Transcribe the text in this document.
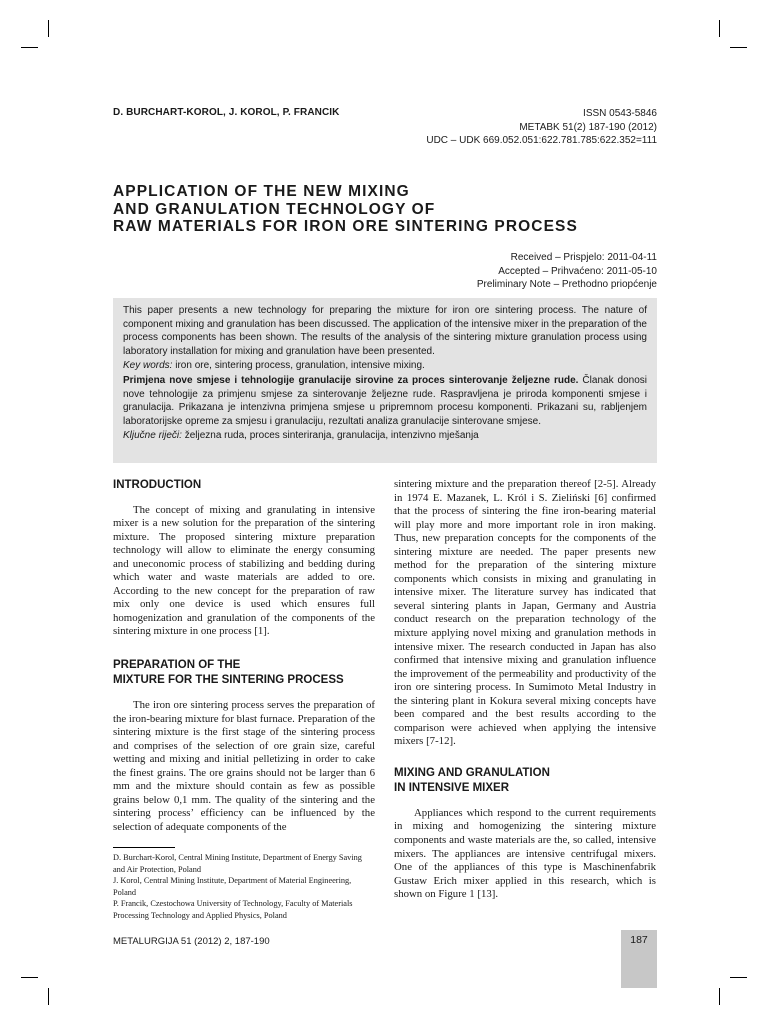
D. BURCHART-KOROL, J. KOROL, P. FRANCIK	ISSN 0543-5846
METABK 51(2) 187-190 (2012)
UDC – UDK 669.052.051:622.781.785:622.352=111
APPLICATION OF THE NEW MIXING
AND GRANULATION TECHNOLOGY OF
RAW MATERIALS FOR IRON ORE SINTERING PROCESS
Received – Prispjelo: 2011-04-11
Accepted – Prihvaćeno: 2011-05-10
Preliminary Note – Prethodno priopćenje

This paper presents a new technology for preparing the mixture for iron ore sintering process. The nature of component mixing and granulation has been discussed. The application of the intensive mixer in the preparation of the process components has been shown. The results of the analysis of the sintering mixture granulation process using laboratory installation for mixing and granulation have been presented.

Key words: iron ore, sintering process, granulation, intensive mixing.

Primjena nove smjese i tehnologije granulacije sirovine za proces sinterovanje željezne rude. Članak donosi nove tehnologije za primjenu smjese za sinterovanje željezne rude. Raspravljena je priroda komponenti smjese i granulacija. Prikazana je intenzivna primjena smjese u pripremnom procesu komponenti. Prikazani su, rabljenjem laboratorijske opreme za smjesu i granulaciju, rezultati analiza granulacije sinterovane smjese.

Ključne riječi: željezna ruda, proces sinteriranja, granulacija, intenzivno mješanja

INTRODUCTION

The concept of mixing and granulating in intensive mixer is a new solution for the preparation of the sintering mixture. The proposed sintering mixture preparation technology will allow to eliminate the energy consuming and uneconomic process of stabilizing and bedding during which water and waste materials are added to ore. According to the new concept for the preparation of raw mix only one device is used which ensures full homogenization and granulation of the components of the sintering mixture in one process [1].

PREPARATION OF THE
MIXTURE FOR THE SINTERING PROCESS

The iron ore sintering process serves the preparation of the iron-bearing mixture for blast furnace. Preparation of the sintering mixture is the first stage of the sintering process and comprises of the selection of ore grain size, careful wetting and mixing and initial pelletizing in order to cake the finest grains. The ore grains should not be larger than 6 mm and the mixture should contain as few as possible grains below 0,1 mm. The quality of the sintering and the sintering process’ efficiency can be influenced by the selection of adequate components of the

sintering mixture and the preparation thereof [2-5]. Already in 1974 E. Mazanek, L. Król i S. Zieliński [6] confirmed that the process of sintering the fine iron-bearing material will play more and more important role in iron making. Thus, new preparation concepts for the components of the sintering mixture are needed. The paper presents new method for the preparation of the sintering mixture components which consists in mixing and granulating in intensive mixer. The literature survey has indicated that several sintering plants in Japan, Germany and Austria conduct research on the preparation technology of the mixture applying novel mixing and granulation methods in intensive mixer. The research conducted in Japan has also confirmed that intensive mixing and granulation influence the improvement of the permeability and productivity of the iron ore sintering process. In Sumimoto Metal Industry in the sintering plant in Kokura several mixing concepts have been compared and the best results according to the comparison were achieved when applying the intensive mixers [7-12].

MIXING AND GRANULATION
IN INTENSIVE MIXER

Appliances which respond to the current requirements in mixing and homogenizing the sintering mixture components and waste materials are the, so called, intensive mixers. The appliances are intensive centrifugal mixers. One of the appliances of this type is Maschinenfabrik Gustaw Erich mixer applied in this research, which is shown on Figure 1 [13].

D. Burchart-Korol, Central Mining Institute, Department of Energy Saving and Air Protection, Poland

J. Korol, Central Mining Institute, Department of Material Engineering, Poland

P. Francik, Czestochowa University of Technology, Faculty of Materials Processing Technology and Applied Physics, Poland

METALURGIJA 51 (2012) 2, 187-190	187
